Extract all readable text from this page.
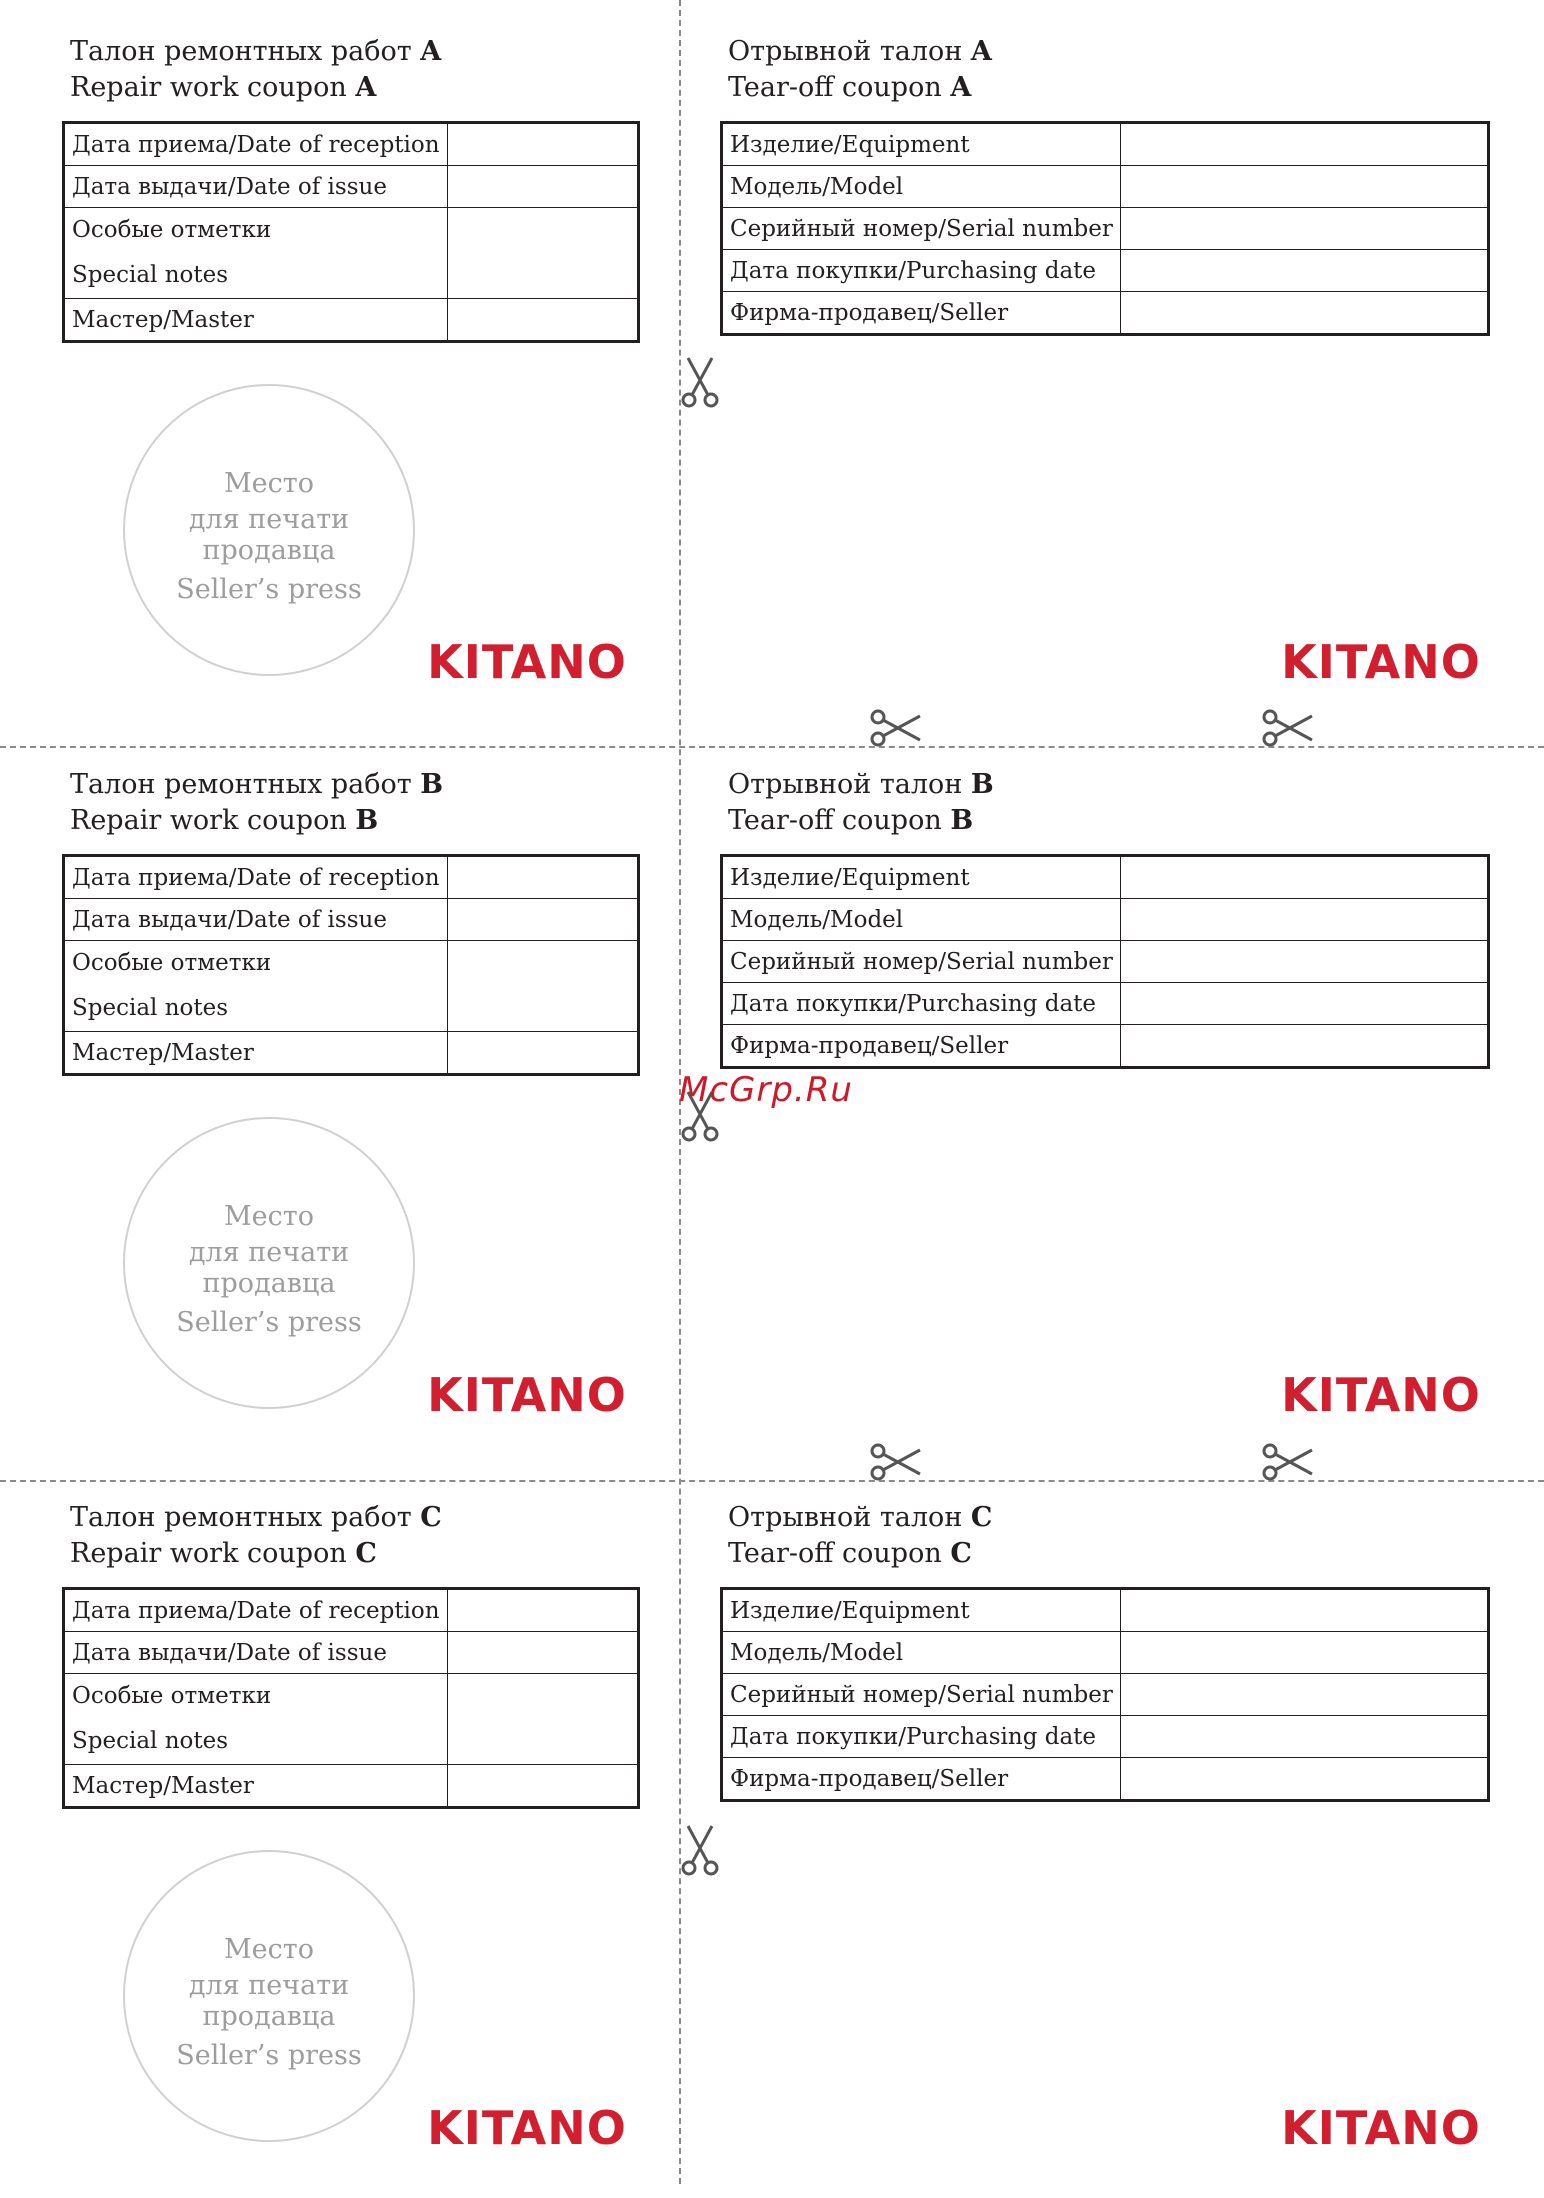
Талон ремонтных работ A
Repair work coupon A
Дата приема/Date of reception	
Дата выдачи/Date of issue	

Особые отметки
Special notes	

Мастер/Master	
Отрывной талон A
Tear-off coupon A
Изделие/Equipment	
Модель/Model	
Серийный номер/Serial number	
Дата покупки/Purchasing date	
Фирма-продавец/Seller	
Место
для печати продавца
Seller’s press
KITANO	KITANO
Талон ремонтных работ B
Repair work coupon B
Дата приема/Date of reception	
Дата выдачи/Date of issue	

Особые отметки
Special notes	

Мастер/Master	
Отрывной талон B
Tear-off coupon B
Изделие/Equipment	
Модель/Model	
Серийный номер/Serial number	
Дата покупки/Purchasing date	
Фирма-продавец/Seller	
Место
для печати продавца
Seller’s press
KITANO	KITANO
Талон ремонтных работ C
Repair work coupon C
Дата приема/Date of reception	
Дата выдачи/Date of issue	

Особые отметки
Special notes	

Мастер/Master	
Отрывной талон C
Tear-off coupon C
Изделие/Equipment	
Модель/Model	
Серийный номер/Serial number	
Дата покупки/Purchasing date	
Фирма-продавец/Seller	
Место
для печати продавца
Seller’s press
KITANO	KITANO
McGrp.Ru
